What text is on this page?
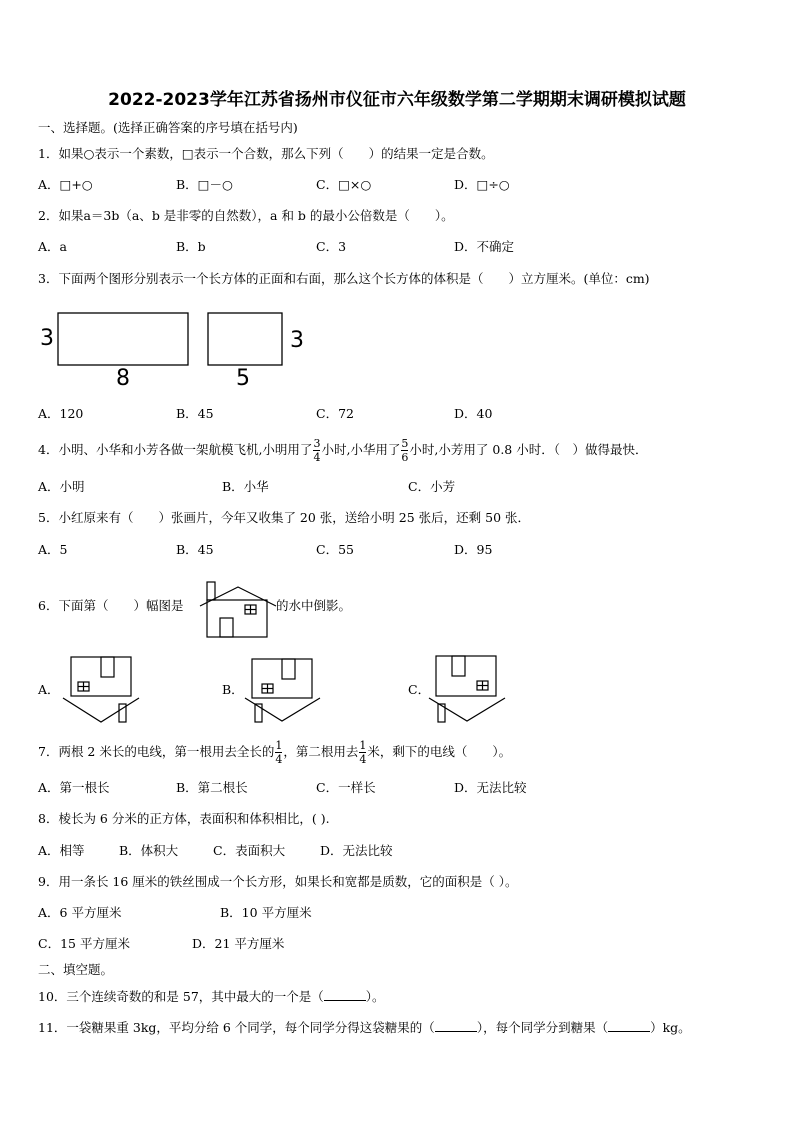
2022-2023学年江苏省扬州市仪征市六年级数学第二学期期末调研模拟试题
一、选择题。(选择正确答案的序号填在括号内)
1．如果○表示一个素数，□表示一个合数，那么下列（　　）的结果一定是合数。
A．□+○	B．□－○	C．□×○	D．□÷○
2．如果a＝3b（a、b 是非零的自然数），a 和 b 的最小公倍数是（　　）。
A．a	B．b	C．3	D．不确定
3．下面两个图形分别表示一个长方体的正面和右面，那么这个长方体的体积是（　　）立方厘米。(单位：cm)
3
8
3
5
A．120	B．45	C．72	D．40
4．小明、小华和小芳各做一架航模飞机,小明用了 $\frac{3}{4}$ 小时,小华用了 $\frac{5}{6}$ 小时,小芳用了 0.8 小时．（　）做得最快．
A．小明	B．小华	C．小芳
5．小红原来有（　　）张画片，今年又收集了 20 张，送给小明 25 张后，还剩 50 张．
A．5	B．45	C．55	D．95
6．下面第（　　）幅图是	的水中倒影。
A．	B．	C．
7．两根 2 米长的电线，第一根用去全长的 $\frac{1}{4}$ ，第二根用去 $\frac{1}{4}$ 米，剩下的电线（　　）。
A．第一根长	B．第二根长	C．一样长	D．无法比较
8．棱长为 6 分米的正方体，表面积和体积相比，( ).
A．相等	B．体积大	C．表面积大	D．无法比较
9．用一条长 16 厘米的铁丝围成一个长方形，如果长和宽都是质数，它的面积是（ ）。
A．6 平方厘米	B．10 平方厘米
C．15 平方厘米	D．21 平方厘米
二、填空题。
10．三个连续奇数的和是 57，其中最大的一个是（	）。
11．一袋糖果重 3kg，平均分给 6 个同学，每个同学分得这袋糖果的（	），每个同学分到糖果（	）kg。
